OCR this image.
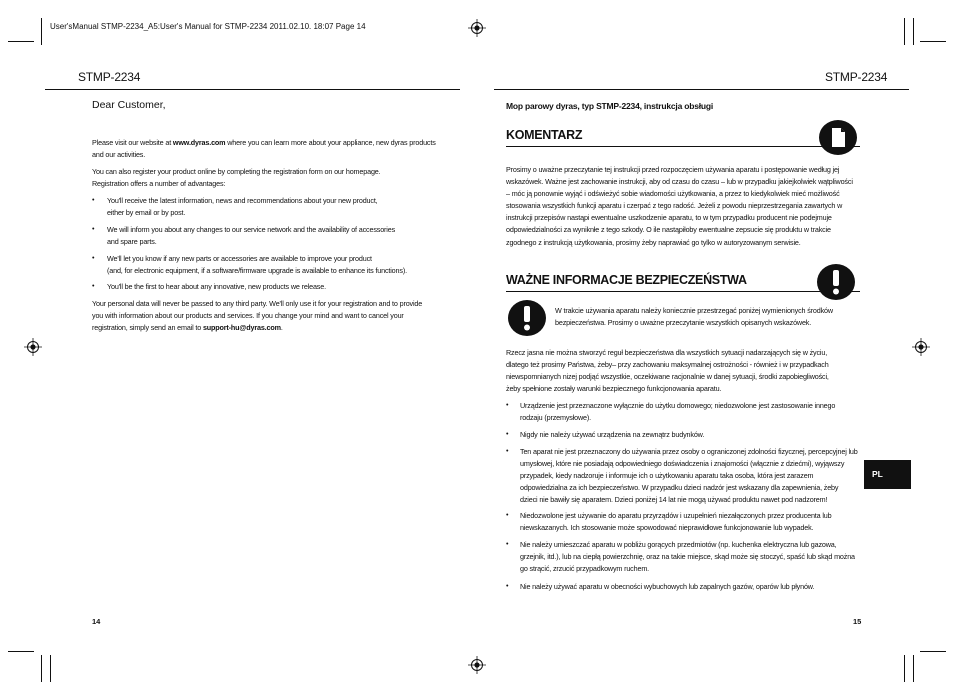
User'sManual STMP-2234_A5:User's Manual for STMP-2234 2011.02.10. 18:07 Page 14
STMP-2234
Dear Customer,
Please visit our website at www.dyras.com where you can learn more about your appliance, new dyras products
and our activities.
You can also register your product online by completing the registration form on our homepage.
Registration offers a number of advantages:
• You'll receive the latest information, news and recommendations about your new product,
either by email or by post.
• We will inform you about any changes to our service network and the availability of accessories
and spare parts.
• We'll let you know if any new parts or accessories are available to improve your product
(and, for electronic equipment, if a software/firmware upgrade is available to enhance its functions).
• You'll be the first to hear about any innovative, new products we release.
Your personal data will never be passed to any third party. We'll only use it for your registration and to provide
you with information about our products and services. If you change your mind and want to cancel your
registration, simply send an email to support-hu@dyras.com.
14
STMP-2234
Mop parowy dyras, typ STMP-2234, instrukcja obsługi
KOMENTARZ
Prosimy o uważne przeczytanie tej instrukcji przed rozpoczęciem używania aparatu i postępowanie według jej
wskazówek. Ważne jest zachowanie instrukcji, aby od czasu do czasu – lub w przypadku jakiejkolwiek wątpliwości
– móc ją ponownie wyjąć i odświeżyć sobie wiadomości użytkowania, a przez to kiedykolwiek mieć możliwość
stosowania wszystkich funkcji aparatu i czerpać z tego radość. Jeżeli z powodu nieprzestrzegania zawartych w
instrukcji przepisów nastąpi ewentualne uszkodzenie aparatu, to w tym przypadku producent nie podejmuje
odpowiedzialności za wyniknłe z tego szkody. O ile nastąpiłoby ewentualne zepsucie się produktu w trakcie
zgodnego z instrukcją użytkowania, prosimy żeby naprawiać go tylko w autoryzowanym serwisie.
WAŻNE INFORMACJE BEZPIECZEŃSTWA
W trakcie używania aparatu należy koniecznie przestrzegać poniżej wymienionych środków
bezpieczeństwa. Prosimy o uważne przeczytanie wszystkich opisanych wskazówek.
Rzecz jasna nie można stworzyć reguł bezpieczeństwa dla wszystkich sytuacji nadarzających się w życiu,
dlatego też prosimy Państwa, żeby– przy zachowaniu maksymalnej ostrożności - również i w przypadkach
niewspomnianych nizej podjąć wszystkie, oczekiwane racjonalnie w danej sytuacji, środki zapobiegliwości,
żeby spełnione zostały warunki bezpiecznego funkcjonowania aparatu.
• Urządzenie jest przeznaczone wyłącznie do użytku domowego; niedozwolone jest zastosowanie innego
rodzaju (przemysłowe).
• Nigdy nie należy używać urządzenia na zewnątrz budynków.
• Ten aparat nie jest przeznaczony do używania przez osoby o ograniczonej zdolności fizycznej, percepcyjnej lub
umysłowej, które nie posiadają odpowiedniego doświadczenia i znajomości (włącznie z dziećmi), wyjąwszy
przypadek, kiedy nadzoruje i informuje ich o użytkowaniu aparatu taka osoba, która jest zarazem
odpowiedzialna za ich bezpieczeństwo. W przypadku dzieci nadzór jest wskazany dla zapewnienia, żeby
dzieci nie bawiły się aparatem. Dzieci poniżej 14 lat nie mogą używać produktu nawet pod nadzorem!
• Niedozwolone jest używanie do aparatu przyrządów i uzupełnień niezałączonych przez producenta lub
niewskazanych. Ich stosowanie może spowodować nieprawidłowe funkcjonowanie lub wypadek.
• Nie należy umieszczać aparatu w pobliżu gorących przedmiotów (np. kuchenka elektryczna lub gazowa,
grzejnik, itd.), lub na ciepłą powierzchnię, oraz na takie miejsce, skąd może się stoczyć, spaść lub skąd można
go strącić, zrzucić przypadkowym ruchem.
• Nie należy używać aparatu w obecności wybuchowych lub zapalnych gazów, oparów lub płynów.
15
PL
